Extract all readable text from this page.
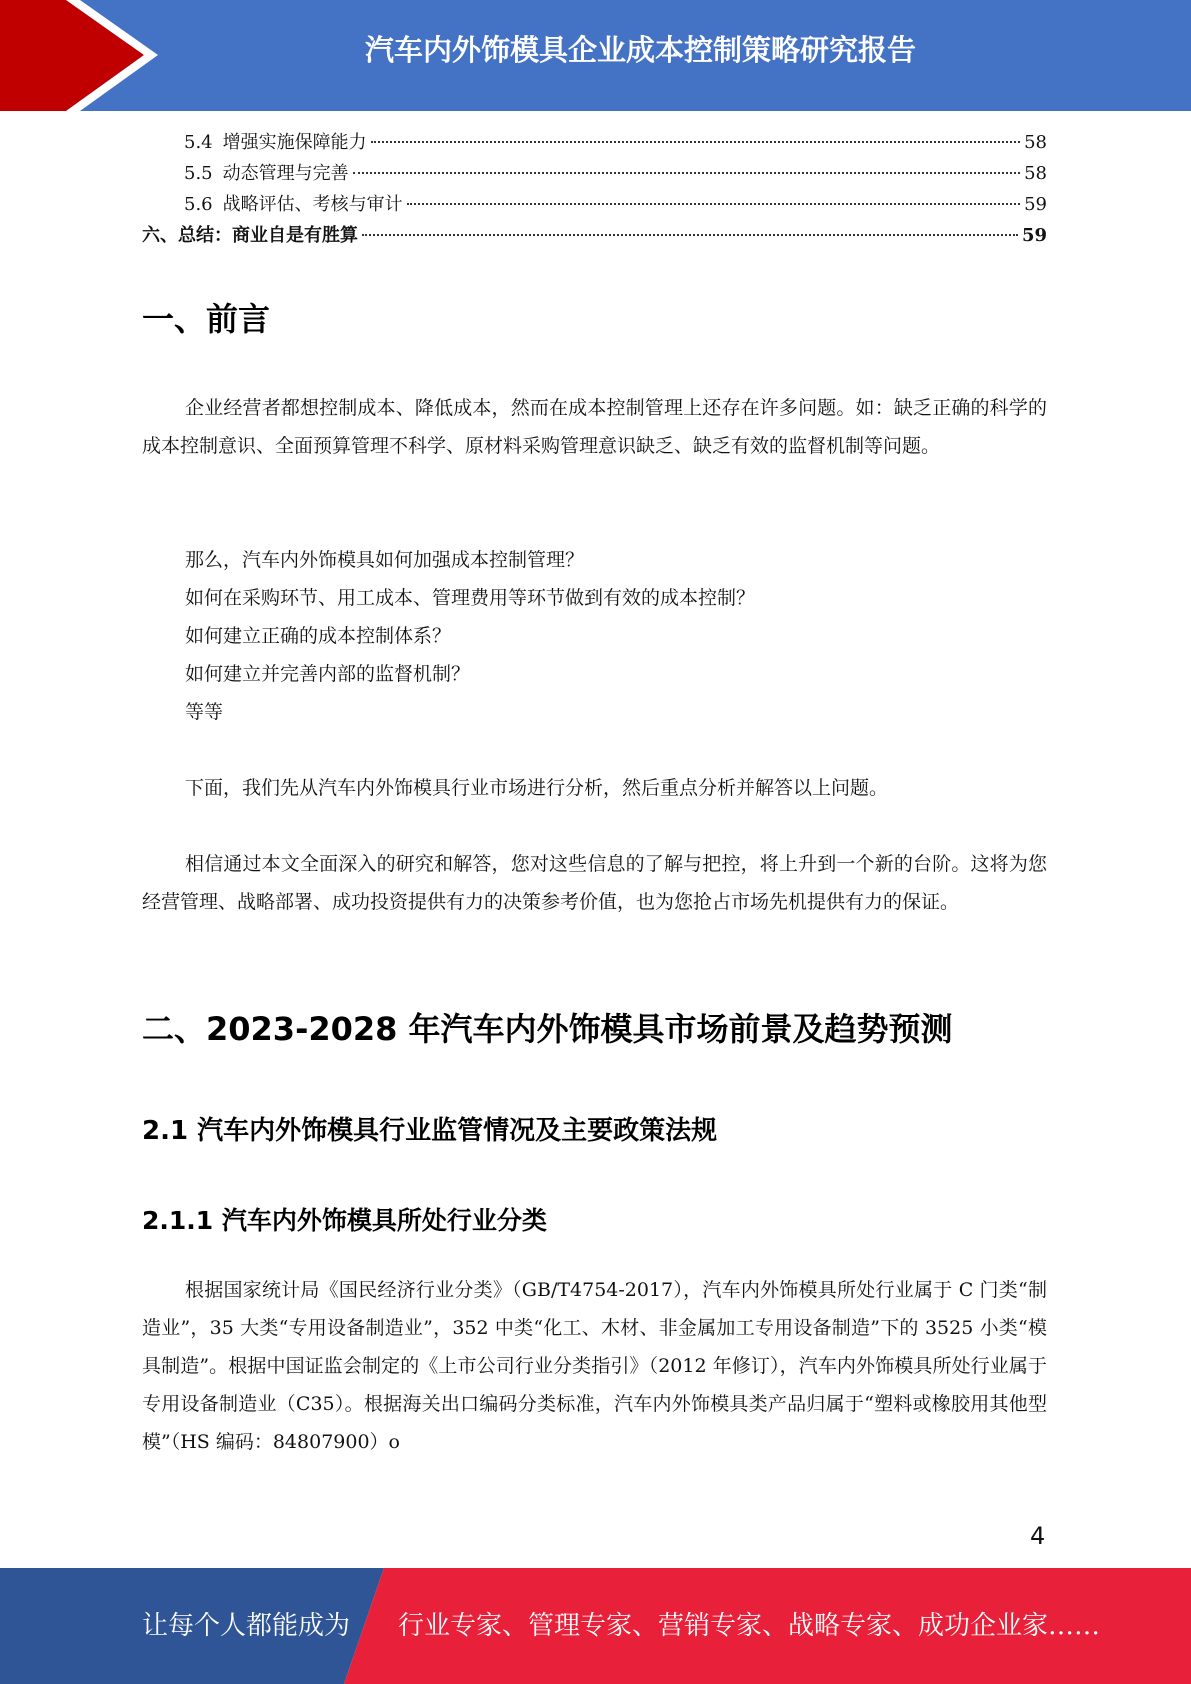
汽车内外饰模具企业成本控制策略研究报告
5.4 增强实施保障能力	58
5.5 动态管理与完善	58
5.6 战略评估、考核与审计	59
六、总结：商业自是有胜算	59
一、前言

企业经营者都想控制成本、降低成本，然而在成本控制管理上还存在许多问题。如：缺乏正确的科学的成本控制意识、全面预算管理不科学、原材料采购管理意识缺乏、缺乏有效的监督机制等问题。

那么，汽车内外饰模具如何加强成本控制管理？
如何在采购环节、用工成本、管理费用等环节做到有效的成本控制？
如何建立正确的成本控制体系？
如何建立并完善内部的监督机制？
等等

下面，我们先从汽车内外饰模具行业市场进行分析，然后重点分析并解答以上问题。

相信通过本文全面深入的研究和解答，您对这些信息的了解与把控，将上升到一个新的台阶。这将为您经营管理、战略部署、成功投资提供有力的决策参考价值，也为您抢占市场先机提供有力的保证。

二、2023-2028 年汽车内外饰模具市场前景及趋势预测
2.1 汽车内外饰模具行业监管情况及主要政策法规
2.1.1 汽车内外饰模具所处行业分类

根据国家统计局《国民经济行业分类》（GB/T4754-2017），汽车内外饰模具所处行业属于 C 门类“制造业”，35 大类“专用设备制造业”，352 中类“化工、木材、非金属加工专用设备制造”下的 3525 小类“模具制造”。根据中国证监会制定的《上市公司行业分类指引》（2012 年修订），汽车内外饰模具所处行业属于专用设备制造业（C35）。根据海关出口编码分类标准，汽车内外饰模具类产品归属于“塑料或橡胶用其他型模”（HS 编码：84807900）o

4
让每个人都能成为 行业专家、管理专家、营销专家、战略专家、成功企业家……
